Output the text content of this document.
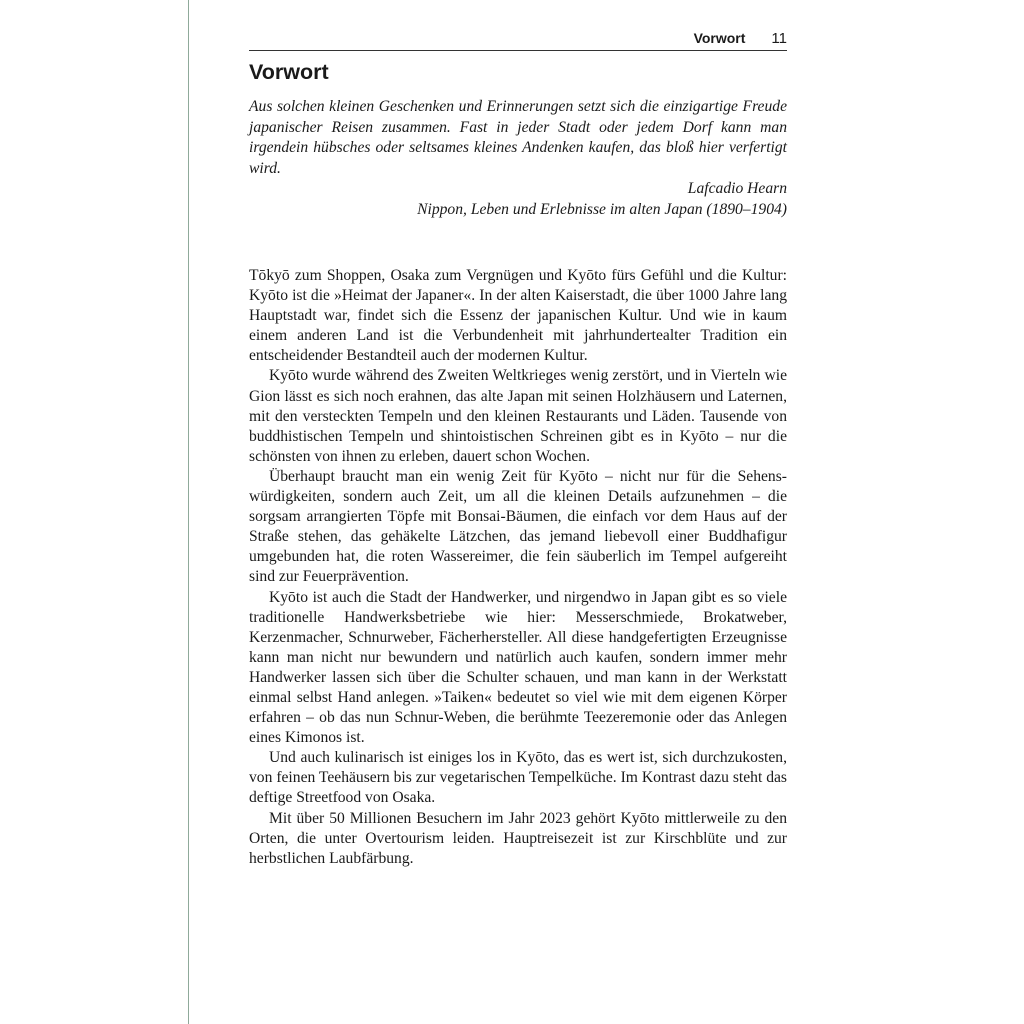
Vorwort 11
Vorwort

Aus solchen kleinen Geschenken und Erinnerungen setzt sich die einzigartige Freude japanischer Reisen zusammen. Fast in jeder Stadt oder jedem Dorf kann man irgendein hübsches oder seltsames kleines Andenken kaufen, das bloß hier verfertigt wird.

Lafcadio Hearn
Nippon, Leben und Erlebnisse im alten Japan (1890–1904)

Tōkyō zum Shoppen, Osaka zum Vergnügen und Kyōto fürs Gefühl und die Kultur: Kyōto ist die »Heimat der Japaner«. In der alten Kaiserstadt, die über 1000 Jahre lang Hauptstadt war, findet sich die Essenz der japanischen Kultur. Und wie in kaum einem anderen Land ist die Verbundenheit mit jahrhundertealter Tradition ein entscheidender Bestandteil auch der modernen Kultur.

Kyōto wurde während des Zweiten Weltkrieges wenig zerstört, und in Vierteln wie Gion lässt es sich noch erahnen, das alte Japan mit seinen Holzhäusern und Laternen, mit den versteckten Tempeln und den kleinen Restaurants und Läden. Tausende von buddhistischen Tempeln und shintoistischen Schreinen gibt es in Kyōto – nur die schönsten von ihnen zu erleben, dauert schon Wochen.

Überhaupt braucht man ein wenig Zeit für Kyōto – nicht nur für die Sehenswürdigkeiten, sondern auch Zeit, um all die kleinen Details aufzunehmen – die sorgsam arrangierten Töpfe mit Bonsai-Bäumen, die einfach vor dem Haus auf der Straße stehen, das gehäkelte Lätzchen, das jemand liebevoll einer Buddhafigur umgebunden hat, die roten Wassereimer, die fein säuberlich im Tempel aufgereiht sind zur Feuerprävention.

Kyōto ist auch die Stadt der Handwerker, und nirgendwo in Japan gibt es so viele traditionelle Handwerksbetriebe wie hier: Messerschmiede, Brokatweber, Kerzenmacher, Schnurweber, Fächerhersteller. All diese handgefertigten Erzeugnisse kann man nicht nur bewundern und natürlich auch kaufen, sondern immer mehr Handwerker lassen sich über die Schulter schauen, und man kann in der Werkstatt einmal selbst Hand anlegen. »Taiken« bedeutet so viel wie mit dem eigenen Körper erfahren – ob das nun Schnur-Weben, die berühmte Teezeremonie oder das Anlegen eines Kimonos ist.

Und auch kulinarisch ist einiges los in Kyōto, das es wert ist, sich durchzukosten, von feinen Teehäusern bis zur vegetarischen Tempelküche. Im Kontrast dazu steht das deftige Streetfood von Osaka.

Mit über 50 Millionen Besuchern im Jahr 2023 gehört Kyōto mittlerweile zu den Orten, die unter Overtourism leiden. Hauptreisezeit ist zur Kirschblüte und zur herbstlichen Laubfärbung.
